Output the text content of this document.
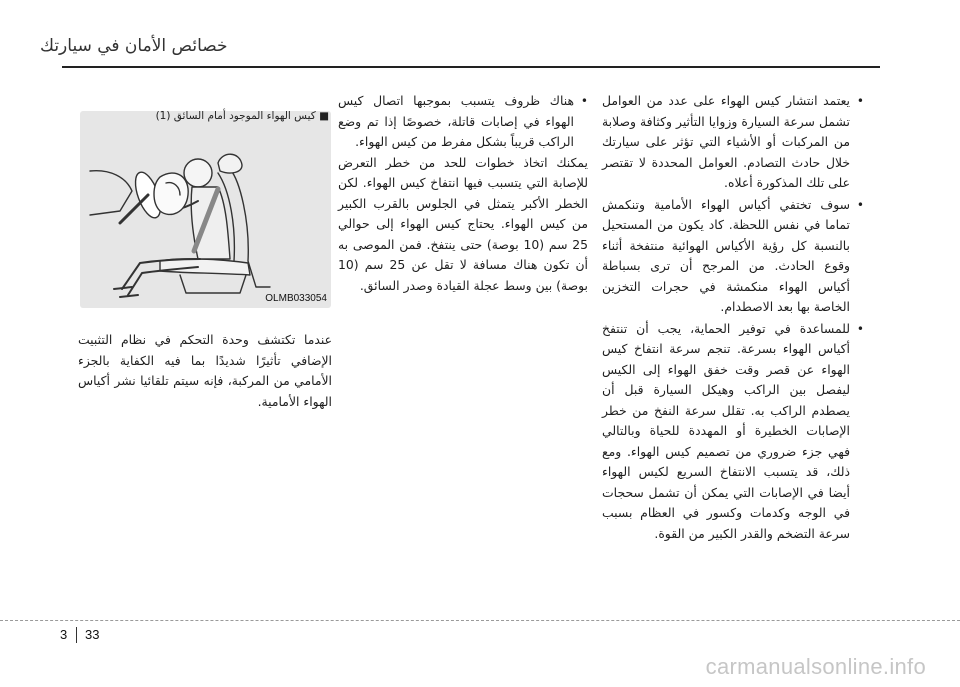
خصائص الأمان في سيارتك

•
يعتمد انتشار كيس الهواء على عدد من العوامل تشمل سرعة السيارة وزوايا التأثير وكثافة وصلابة من المركبات أو الأشياء التي تؤثر على سيارتك خلال حادث التصادم. العوامل المحددة لا تقتصر على تلك المذكورة أعلاه.

•
سوف تختفي أكياس الهواء الأمامية وتنكمش تماما في نفس اللحظة. كاد يكون من المستحيل بالنسبة كل رؤية الأكياس الهوائية منتفخة أثناء وقوع الحادث. من المرجح أن ترى بسباطة أكياس الهواء منكمشة في حجرات التخزين الخاصة بها بعد الاصطدام.

•
للمساعدة في توفير الحماية، يجب أن تنتفخ أكياس الهواء بسرعة. تنجم سرعة انتفاخ كيس الهواء عن قصر وقت خفق الهواء إلى الكيس ليفصل بين الراكب وهيكل السيارة قبل أن يصطدم الراكب به. تقلل سرعة النفخ من خطر الإصابات الخطيرة أو المهددة للحياة وبالتالي فهي جزء ضروري من تصميم كيس الهواء. ومع ذلك، قد يتسبب الانتفاخ السريع لكيس الهواء أيضا في الإصابات التي يمكن أن تشمل سحجات في الوجه وكدمات وكسور في العظام بسبب سرعة التضخم والقدر الكبير من القوة.

•
هناك ظروف يتسبب بموجبها اتصال كيس الهواء في إصابات قاتلة، خصوصًا إذا تم وضع الراكب قريباً بشكل مفرط من كيس الهواء.

يمكنك اتخاذ خطوات للحد من خطر التعرض للإصابة التي يتسبب فيها انتفاخ كيس الهواء. لكن الخطر الأكبر يتمثل في الجلوس بالقرب الكبير من كيس الهواء. يحتاج كيس الهواء إلى حوالي 25 سم (10 بوصة) حتى ينتفخ. فمن الموصى به أن تكون هناك مسافة لا تقل عن 25 سم (10 بوصة) بين وسط عجلة القيادة وصدر السائق.

OLMB033054
■ كيس الهواء الموجود أمام السائق (1)

عندما تكتشف وحدة التحكم في نظام التثبيت الإضافي تأثيرًا شديدًا بما فيه الكفاية بالجزء الأمامي من المركبة، فإنه سيتم تلقائيا نشر أكياس الهواء الأمامية.

3	33
carmanualsonline.info
